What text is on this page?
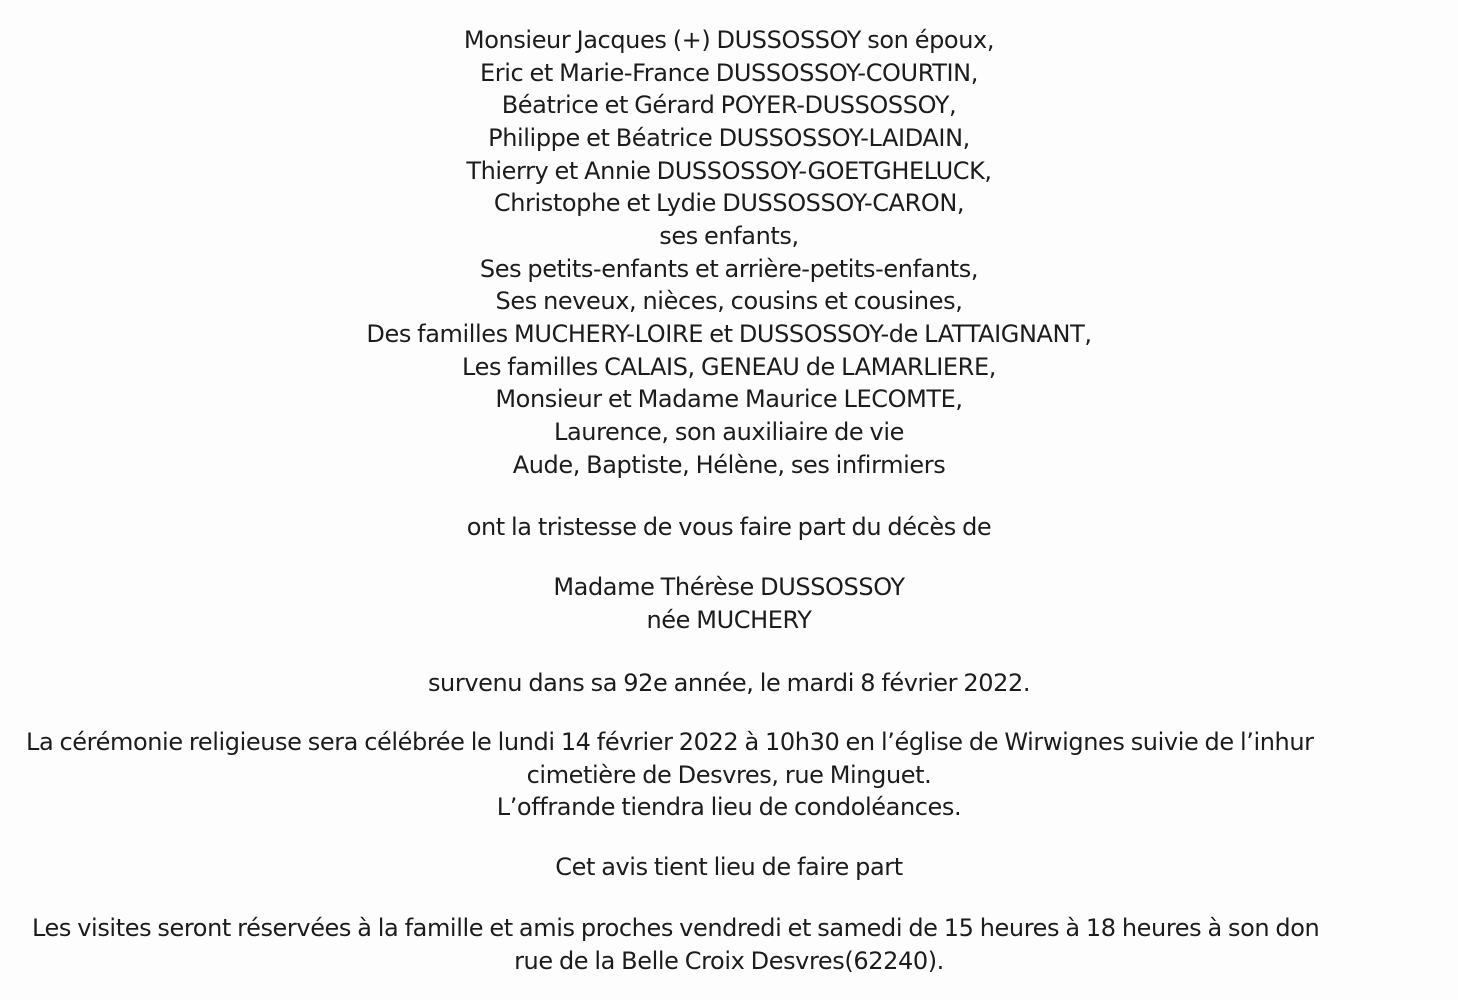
Monsieur Jacques (+) DUSSOSSOY son époux,
Eric et Marie-France DUSSOSSOY-COURTIN,
Béatrice et Gérard POYER-DUSSOSSOY,
Philippe et Béatrice DUSSOSSOY-LAIDAIN,
Thierry et Annie DUSSOSSOY-GOETGHELUCK,
Christophe et Lydie DUSSOSSOY-CARON,
ses enfants,
Ses petits-enfants et arrière-petits-enfants,
Ses neveux, nièces, cousins et cousines,
Des familles MUCHERY-LOIRE et DUSSOSSOY-de LATTAIGNANT,
Les familles CALAIS, GENEAU de LAMARLIERE,
Monsieur et Madame Maurice LECOMTE,
Laurence, son auxiliaire de vie
Aude, Baptiste, Hélène, ses infirmiers
ont la tristesse de vous faire part du décès de
Madame Thérèse DUSSOSSOY
née MUCHERY
survenu dans sa 92e année, le mardi 8 février 2022.
La cérémonie religieuse sera célébrée le lundi 14 février 2022 à 10h30 en l’église de Wirwignes suivie de l’inhur
cimetière de Desvres, rue Minguet.
L’offrande tiendra lieu de condoléances.
Cet avis tient lieu de faire part
Les visites seront réservées à la famille et amis proches vendredi et samedi de 15 heures à 18 heures à son don
rue de la Belle Croix Desvres(62240).
